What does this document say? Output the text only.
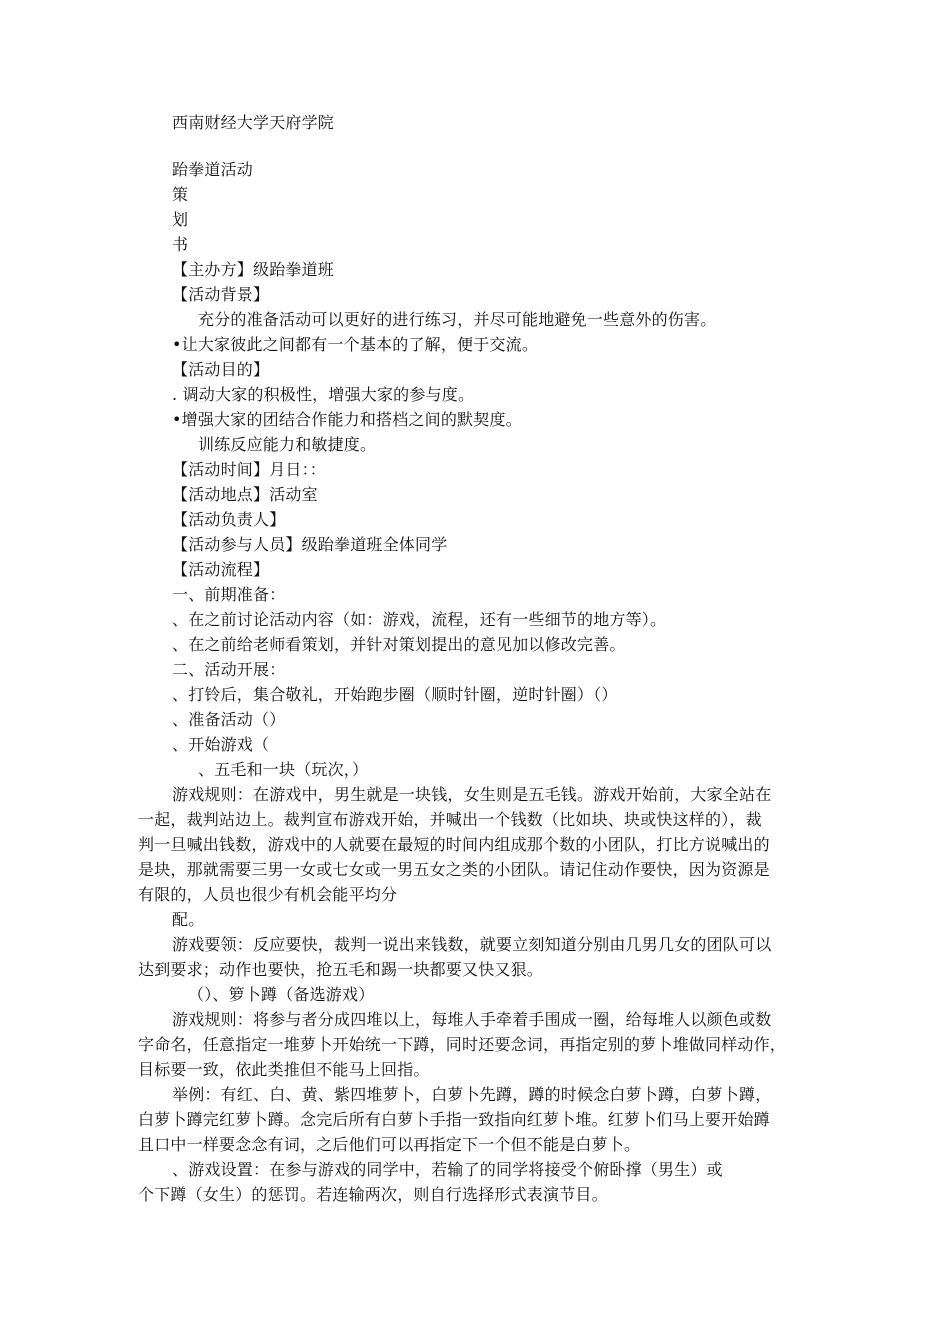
西南财经大学天府学院
跆拳道活动
策
划
书
【主办方】级跆拳道班
【活动背景】
充分的准备活动可以更好的进行练习，并尽可能地避免一些意外的伤害。
•让大家彼此之间都有一个基本的了解，便于交流。
【活动目的】
. 调动大家的积极性，增强大家的参与度。
•增强大家的团结合作能力和搭档之间的默契度。
训练反应能力和敏捷度。
【活动时间】月日：：
【活动地点】活动室
【活动负责人】
【活动参与人员】级跆拳道班全体同学
【活动流程】
一、前期准备：
、在之前讨论活动内容（如：游戏，流程，还有一些细节的地方等）。
、在之前给老师看策划，并针对策划提出的意见加以修改完善。
二、活动开展：
、打铃后，集合敬礼，开始跑步圈（顺时针圈，逆时针圈）（）
、准备活动（）
、开始游戏（
、五毛和一块（玩次，）
游戏规则：在游戏中，男生就是一块钱，女生则是五毛钱。游戏开始前，大家全站在
一起，裁判站边上。裁判宣布游戏开始，并喊出一个钱数（比如块、块或快这样的），裁
判一旦喊出钱数，游戏中的人就要在最短的时间内组成那个数的小团队，打比方说喊出的
是块，那就需要三男一女或七女或一男五女之类的小团队。请记住动作要快，因为资源是
有限的，人员也很少有机会能平均分
配。
游戏要领：反应要快，裁判一说出来钱数，就要立刻知道分别由几男几女的团队可以
达到要求；动作也要快，抢五毛和踢一块都要又快又狠。
（）、箩卜蹲（备选游戏）
游戏规则：将参与者分成四堆以上，每堆人手牵着手围成一圈，给每堆人以颜色或数
字命名，任意指定一堆萝卜开始统一下蹲，同时还要念词，再指定别的萝卜堆做同样动作，
目标要一致，依此类推但不能马上回指。
举例：有红、白、黄、紫四堆萝卜，白萝卜先蹲，蹲的时候念白萝卜蹲，白萝卜蹲，
白萝卜蹲完红萝卜蹲。念完后所有白萝卜手指一致指向红萝卜堆。红萝卜们马上要开始蹲
且口中一样要念念有词，之后他们可以再指定下一个但不能是白萝卜。
、游戏设置：在参与游戏的同学中，若输了的同学将接受个俯卧撑（男生）或
个下蹲（女生）的惩罚。若连输两次，则自行选择形式表演节目。
